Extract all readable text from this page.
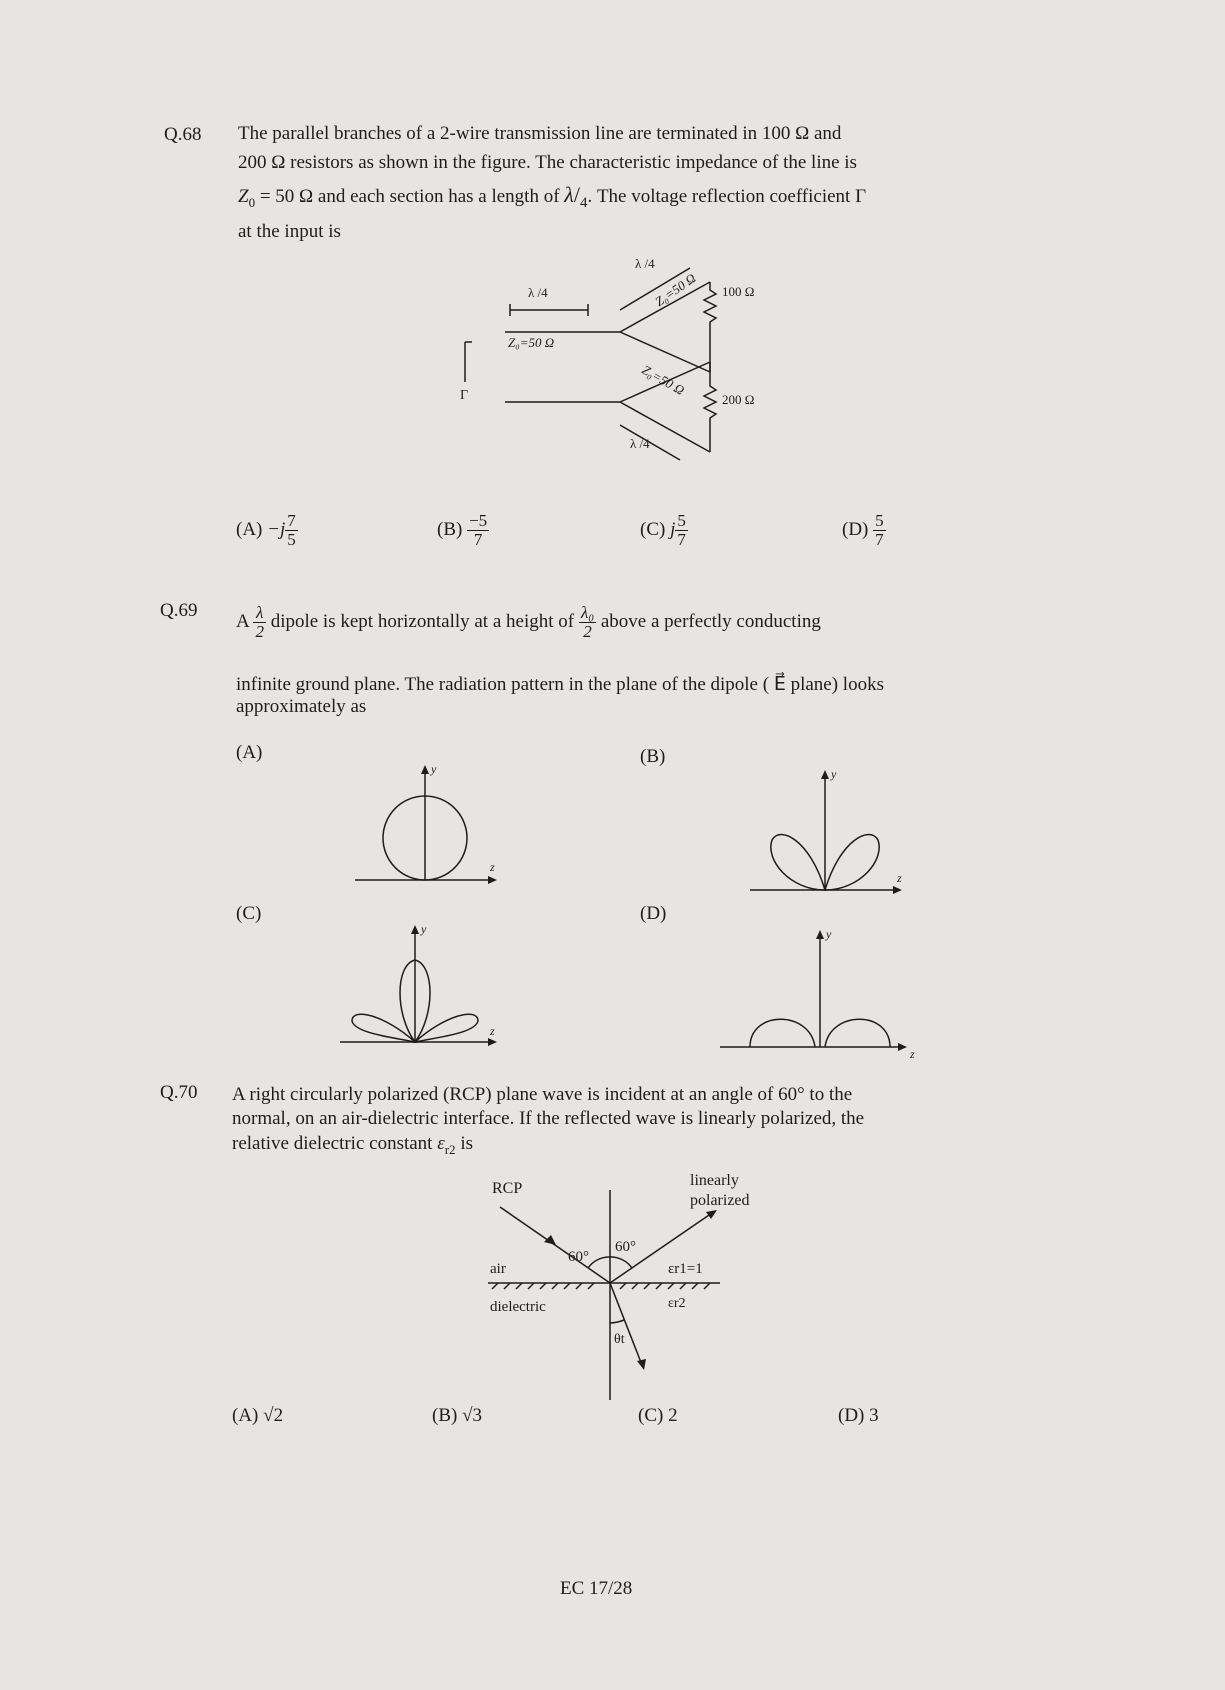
Q.68 The parallel branches of a 2-wire transmission line are terminated in 100 Ω and
200 Ω resistors as shown in the figure. The characteristic impedance of the line is
$Z_0 = 50$ Ω and each section has a length of $\lambda/_4$. The voltage reflection coefficient Γ
at the input is
λ /4
λ /4
λ /4
Z₀=50 Ω
Z₀=50 Ω
Z₀=50 Ω
100 Ω
200 Ω
Γ
$(A) -j \frac{7}{5}$	$(B) \frac{-5}{7}$	(C) j $\frac{5}{7}$	$(D) \frac{5}{7}$
Q.69
A $\frac{\lambda}{2}$ dipole is kept horizontally at a height of $\frac{\text{λ₀}}{2}$ above a perfectly conducting
infinite ground plane. The radiation pattern in the plane of the dipole ( E⃗ plane) looks
approximately as
(A)	(B)
(C)	(D)
y
z
y
z
y
z
y
z
Q.70 A right circularly polarized (RCP) plane wave is incident at an angle of 60° to the
normal, on an air-dielectric interface. If the reflected wave is linearly polarized, the
relative dielectric constant $\varepsilon_{r2}$ is
RCP	linearly
polarized
60°
60°
air	εr1=1
dielectric	εr2
θt
(A) √2	(B) √3	(C) 2	(D) 3
EC 17/28
